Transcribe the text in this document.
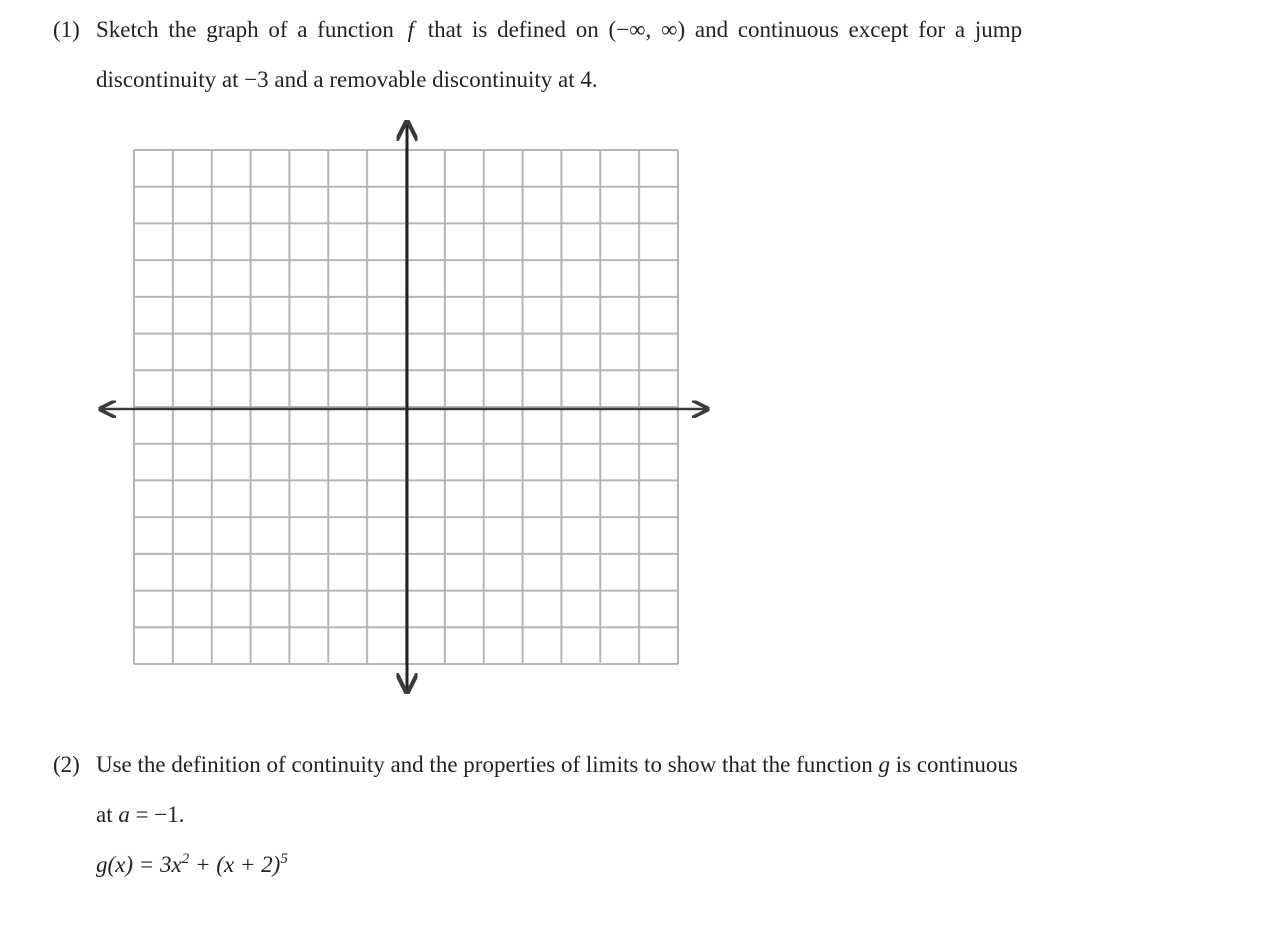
(1) Sketch the graph of a function f that is defined on (−∞, ∞) and continuous except for a jump
discontinuity at −3 and a removable discontinuity at 4.
(2) Use the definition of continuity and the properties of limits to show that the function g is continuous
at a = −1.
$g(x) = 3x^2 + (x + 2)^5$
